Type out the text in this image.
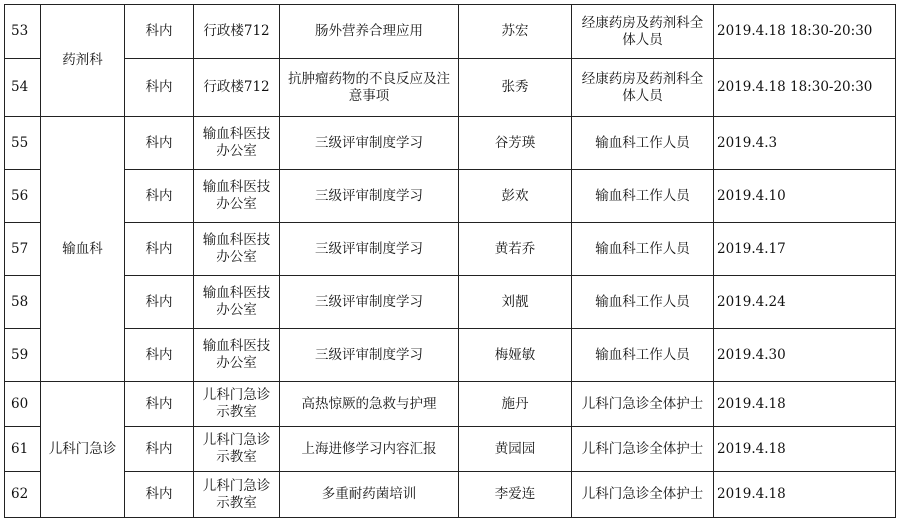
53	药剂科	科内	行政楼712	肠外营养合理应用	苏宏	经康药房及药剂科全体人员	2019.4.18 18:30-20:30
54		科内	行政楼712	抗肿瘤药物的不良反应及注意事项	张秀	经康药房及药剂科全体人员	2019.4.18 18:30-20:30
55	输血科	科内	输血科医技办公室	三级评审制度学习	谷芳瑛	输血科工作人员	2019.4.3
56		科内	输血科医技办公室	三级评审制度学习	彭欢	输血科工作人员	2019.4.10
57		科内	输血科医技办公室	三级评审制度学习	黄若乔	输血科工作人员	2019.4.17
58		科内	输血科医技办公室	三级评审制度学习	刘靓	输血科工作人员	2019.4.24
59		科内	输血科医技办公室	三级评审制度学习	梅娅敏	输血科工作人员	2019.4.30
60	儿科门急诊	科内	儿科门急诊示教室	高热惊厥的急救与护理	施丹	儿科门急诊全体护士	2019.4.18
61		科内	儿科门急诊示教室	上海进修学习内容汇报	黄园园	儿科门急诊全体护士	2019.4.18
62		科内	儿科门急诊示教室	多重耐药菌培训	李爱连	儿科门急诊全体护士	2019.4.18
